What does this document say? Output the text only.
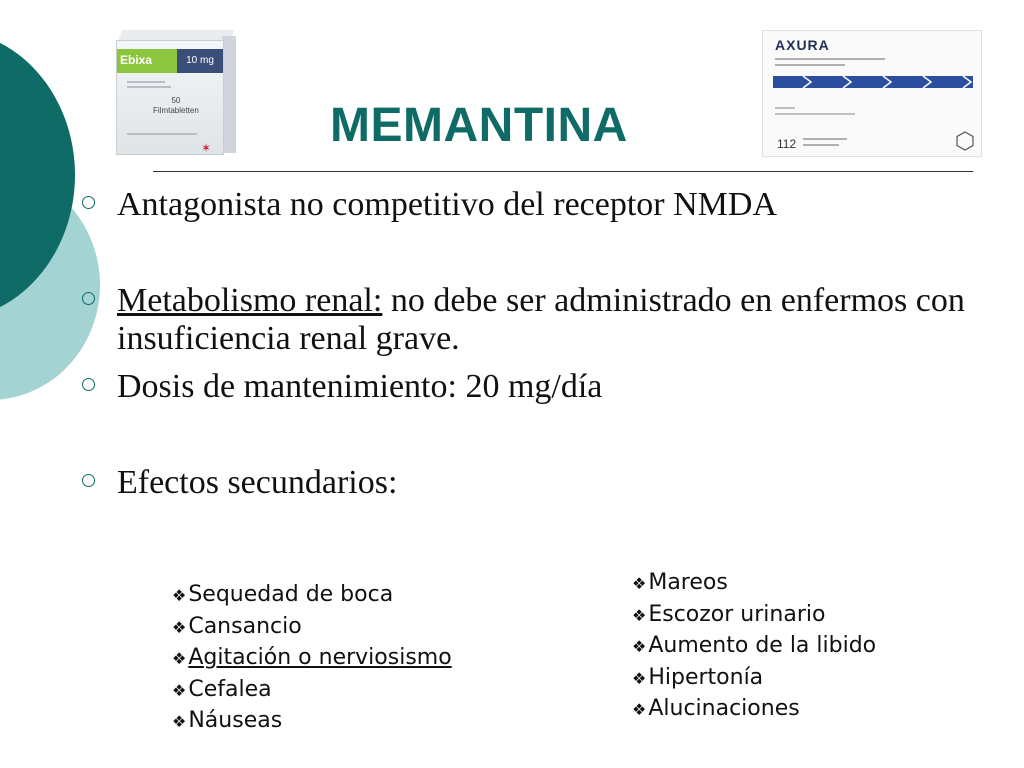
Ebixa	10 mg
50
Filmtabletten
✶
AXURA
112
MEMANTINA
Antagonista no competitivo del receptor NMDA
Metabolismo renal: no debe ser administrado en enfermos con insuficiencia renal grave.
Dosis de mantenimiento: 20 mg/día
Efectos secundarios:
❖Sequedad de boca
❖Cansancio
❖Agitación o nerviosismo
❖Cefalea
❖Náuseas
❖Mareos
❖Escozor urinario
❖Aumento de la libido
❖Hipertonía
❖Alucinaciones
